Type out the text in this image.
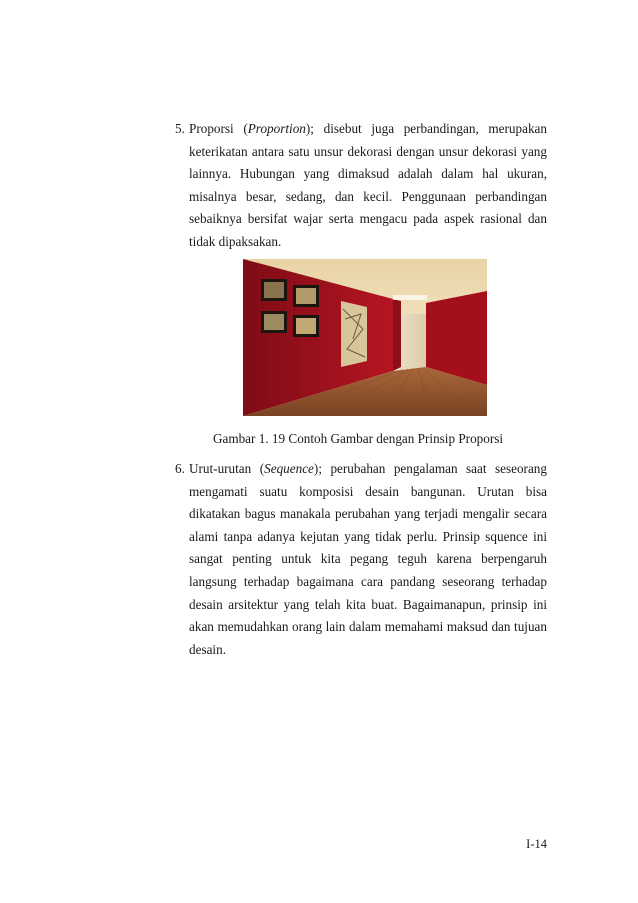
5. Proporsi (Proportion); disebut juga perbandingan, merupakan keterikatan antara satu unsur dekorasi dengan unsur dekorasi yang lainnya. Hubungan yang dimaksud adalah dalam hal ukuran, misalnya besar, sedang, dan kecil. Penggunaan perbandingan sebaiknya bersifat wajar serta mengacu pada aspek rasional dan tidak dipaksakan.

Gambar 1. 19 Contoh Gambar dengan Prinsip Proporsi
6. Urut-urutan (Sequence); perubahan pengalaman saat seseorang mengamati suatu komposisi desain bangunan. Urutan bisa dikatakan bagus manakala perubahan yang terjadi mengalir secara alami tanpa adanya kejutan yang tidak perlu. Prinsip squence ini sangat penting untuk kita pegang teguh karena berpengaruh langsung terhadap bagaimana cara pandang seseorang terhadap desain arsitektur yang telah kita buat. Bagaimanapun, prinsip ini akan memudahkan orang lain dalam memahami maksud dan tujuan desain.

I-14
